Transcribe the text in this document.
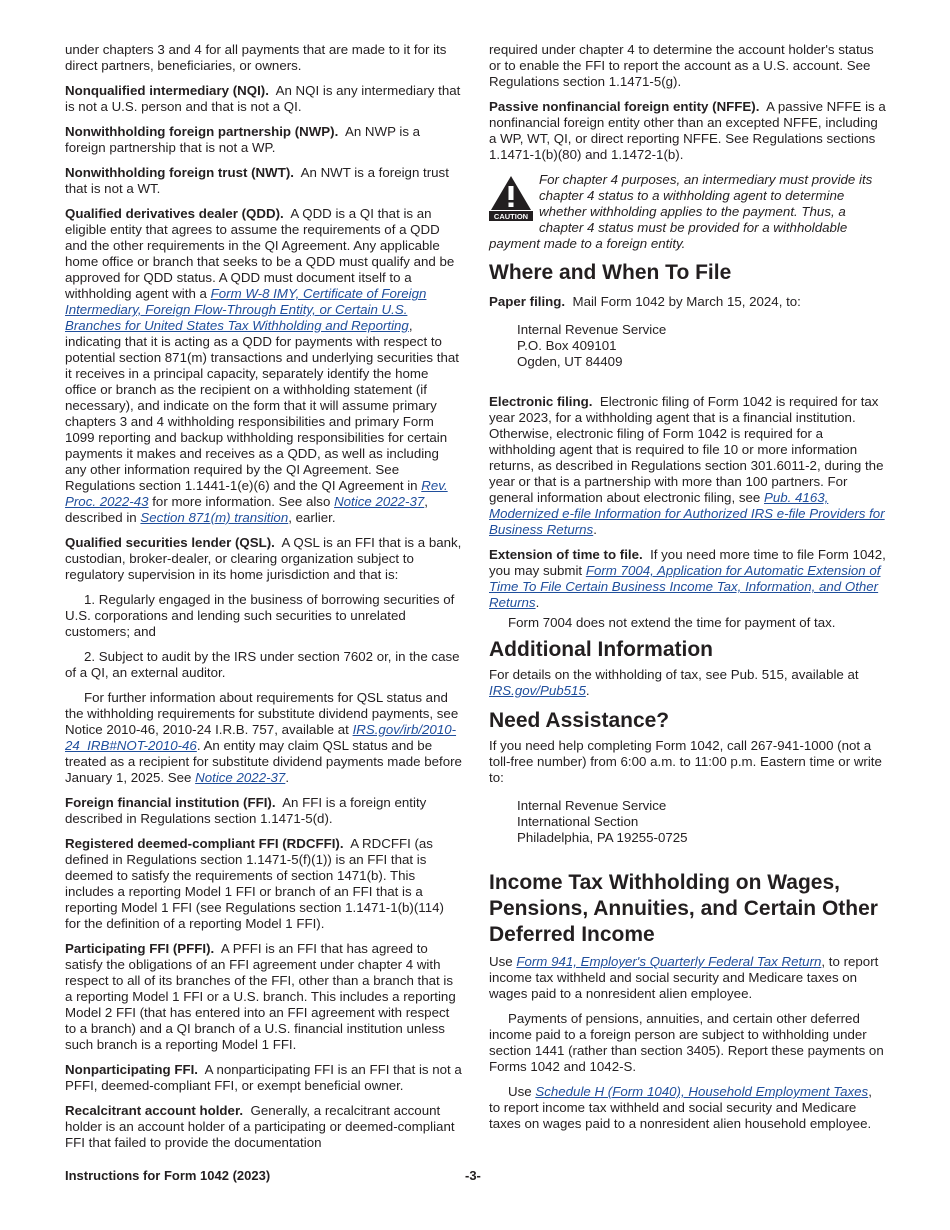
under chapters 3 and 4 for all payments that are made to it for its direct partners, beneficiaries, or owners.

Nonqualified intermediary (NQI). An NQI is any intermediary that is not a U.S. person and that is not a QI.

Nonwithholding foreign partnership (NWP). An NWP is a foreign partnership that is not a WP.

Nonwithholding foreign trust (NWT). An NWT is a foreign trust that is not a WT.

Qualified derivatives dealer (QDD). A QDD is a QI that is an eligible entity that agrees to assume the requirements of a QDD and the other requirements in the QI Agreement. Any applicable home office or branch that seeks to be a QDD must qualify and be approved for QDD status. A QDD must document itself to a withholding agent with a Form W-8 IMY, Certificate of Foreign Intermediary, Foreign Flow-Through Entity, or Certain U.S. Branches for United States Tax Withholding and Reporting, indicating that it is acting as a QDD for payments with respect to potential section 871(m) transactions and underlying securities that it receives in a principal capacity, separately identify the home office or branch as the recipient on a withholding statement (if necessary), and indicate on the form that it will assume primary chapters 3 and 4 withholding responsibilities and primary Form 1099 reporting and backup withholding responsibilities for certain payments it makes and receives as a QDD, as well as including any other information required by the QI Agreement. See Regulations section 1.1441-1(e)(6) and the QI Agreement in Rev. Proc. 2022-43 for more information. See also Notice 2022-37, described in Section 871(m) transition, earlier.

Qualified securities lender (QSL). A QSL is an FFI that is a bank, custodian, broker-dealer, or clearing organization subject to regulatory supervision in its home jurisdiction and that is:

1. Regularly engaged in the business of borrowing securities of U.S. corporations and lending such securities to unrelated customers; and

2. Subject to audit by the IRS under section 7602 or, in the case of a QI, an external auditor.

For further information about requirements for QSL status and the withholding requirements for substitute dividend payments, see Notice 2010-46, 2010-24 I.R.B. 757, available at IRS.gov/irb/2010-24_IRB#NOT-2010-46. An entity may claim QSL status and be treated as a recipient for substitute dividend payments made before January 1, 2025. See Notice 2022-37.

Foreign financial institution (FFI). An FFI is a foreign entity described in Regulations section 1.1471-5(d).

Registered deemed-compliant FFI (RDCFFI). A RDCFFI (as defined in Regulations section 1.1471-5(f)(1)) is an FFI that is deemed to satisfy the requirements of section 1471(b). This includes a reporting Model 1 FFI or branch of an FFI that is a reporting Model 1 FFI (see Regulations section 1.1471-1(b)(114) for the definition of a reporting Model 1 FFI).

Participating FFI (PFFI). A PFFI is an FFI that has agreed to satisfy the obligations of an FFI agreement under chapter 4 with respect to all of its branches of the FFI, other than a branch that is a reporting Model 1 FFI or a U.S. branch. This includes a reporting Model 2 FFI (that has entered into an FFI agreement with respect to a branch) and a QI branch of a U.S. financial institution unless such branch is a reporting Model 1 FFI.

Nonparticipating FFI. A nonparticipating FFI is an FFI that is not a PFFI, deemed-compliant FFI, or exempt beneficial owner.

Recalcitrant account holder. Generally, a recalcitrant account holder is an account holder of a participating or deemed-compliant FFI that failed to provide the documentation

required under chapter 4 to determine the account holder's status or to enable the FFI to report the account as a U.S. account. See Regulations section 1.1471-5(g).

Passive nonfinancial foreign entity (NFFE). A passive NFFE is a nonfinancial foreign entity other than an excepted NFFE, including a WP, WT, QI, or direct reporting NFFE. See Regulations sections 1.1471-1(b)(80) and 1.1472-1(b).

CAUTION
For chapter 4 purposes, an intermediary must provide its chapter 4 status to a withholding agent to determine whether withholding applies to the payment. Thus, a chapter 4 status must be provided for a withholdable payment made to a foreign entity.
Where and When To File

Paper filing. Mail Form 1042 by March 15, 2024, to:

Internal Revenue Service
P.O. Box 409101
Ogden, UT 84409

Electronic filing. Electronic filing of Form 1042 is required for tax year 2023, for a withholding agent that is a financial institution. Otherwise, electronic filing of Form 1042 is required for a withholding agent that is required to file 10 or more information returns, as described in Regulations section 301.6011-2, during the year or that is a partnership with more than 100 partners. For general information about electronic filing, see Pub. 4163, Modernized e-file Information for Authorized IRS e-file Providers for Business Returns.

Extension of time to file. If you need more time to file Form 1042, you may submit Form 7004, Application for Automatic Extension of Time To File Certain Business Income Tax, Information, and Other Returns.

Form 7004 does not extend the time for payment of tax.

Additional Information

For details on the withholding of tax, see Pub. 515, available at IRS.gov/Pub515.

Need Assistance?

If you need help completing Form 1042, call 267-941-1000 (not a toll-free number) from 6:00 a.m. to 11:00 p.m. Eastern time or write to:

Internal Revenue Service
International Section
Philadelphia, PA 19255-0725
Income Tax Withholding on Wages, Pensions, Annuities, and Certain Other Deferred Income

Use Form 941, Employer's Quarterly Federal Tax Return, to report income tax withheld and social security and Medicare taxes on wages paid to a nonresident alien employee.

Payments of pensions, annuities, and certain other deferred income paid to a foreign person are subject to withholding under section 1441 (rather than section 3405). Report these payments on Forms 1042 and 1042-S.

Use Schedule H (Form 1040), Household Employment Taxes, to report income tax withheld and social security and Medicare taxes on wages paid to a nonresident alien household employee.

Instructions for Form 1042 (2023)	-3-
